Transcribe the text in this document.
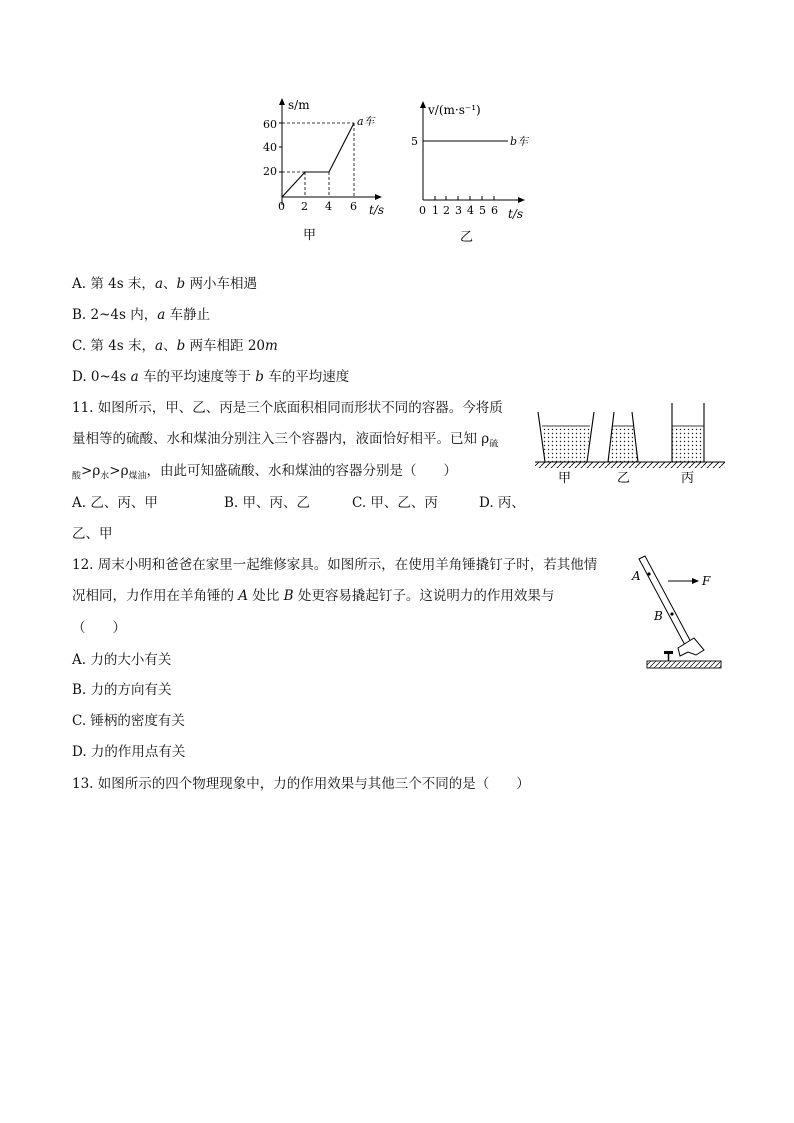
s/m
60
40
20
a车
0 2 4 6 t/s
甲
v/(m·s⁻¹)
5	b车
0 1 2 3 4 5 6 t/s
乙
A. 第 4s 末，a、b 两小车相遇
B. 2~4s 内，a 车静止
C. 第 4s 末，a、b 两车相距 20m
D. 0~4s a 车的平均速度等于 b 车的平均速度
11. 如图所示，甲、乙、丙是三个底面积相同而形状不同的容器。今将质
量相等的硫酸、水和煤油分别注入三个容器内，液面恰好相平。已知 $\rho_硫$
$_酸>\rho_水>\rho_{煤油}$，由此可知盛硫酸、水和煤油的容器分别是（　　）
A. 乙、丙、甲	B. 甲、丙、乙	C. 甲、乙、丙	D. 丙、
乙、甲
甲	乙	丙
12. 周末小明和爸爸在家里一起维修家具。如图所示，在使用羊角锤撬钉子时，若其他情
况相同，力作用在羊角锤的 A 处比 B 处更容易撬起钉子。这说明力的作用效果与
（　　）
A. 力的大小有关
B. 力的方向有关
C. 锤柄的密度有关
D. 力的作用点有关
A
B
F
13. 如图所示的四个物理现象中，力的作用效果与其他三个不同的是（　　）
